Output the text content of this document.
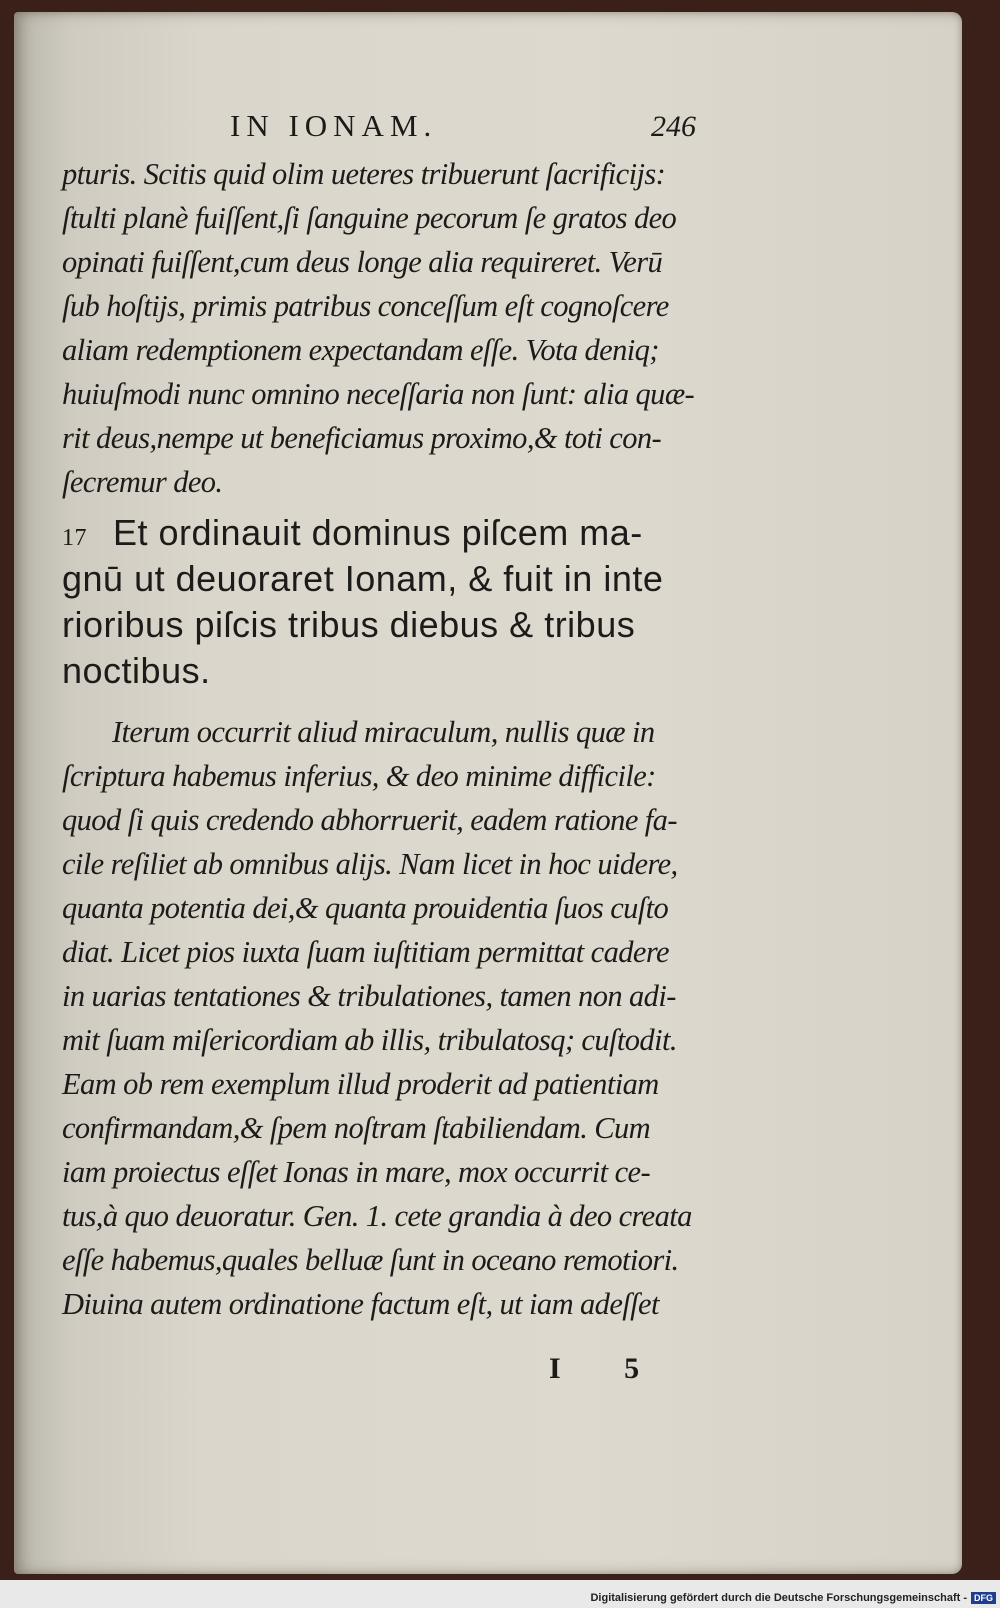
IN IONAM.	246
pturis. Scitis quid olim ueteres tribuerunt ſacrificijs:
ſtulti planè fuiſſent,ſi ſanguine pecorum ſe gratos deo
opinati fuiſſent,cum deus longe alia requireret. Verū
ſub hoſtijs, primis patribus conceſſum eſt cognoſcere
aliam redemptionem expectandam eſſe. Vota deniq;
huiuſmodi nunc omnino neceſſaria non ſunt: alia quæ-
rit deus,nempe ut beneficiamus proximo,& toti con-
ſecremur deo.
17 Et ordinauit dominus piſcem ma-
gnū ut deuoraret Ionam, & fuit in inte
rioribus piſcis tribus diebus & tribus
noctibus.
Iterum occurrit aliud miraculum, nullis quæ in
ſcriptura habemus inferius, & deo minime difficile:
quod ſi quis credendo abhorruerit, eadem ratione fa-
cile reſiliet ab omnibus alijs. Nam licet in hoc uidere,
quanta potentia dei,& quanta prouidentia ſuos cuſto
diat. Licet pios iuxta ſuam iuſtitiam permittat cadere
in uarias tentationes & tribulationes, tamen non adi-
mit ſuam miſericordiam ab illis, tribulatosq; cuſtodit.
Eam ob rem exemplum illud proderit ad patientiam
confirmandam,& ſpem noſtram ſtabiliendam. Cum
iam proiectus eſſet Ionas in mare, mox occurrit ce-
tus,à quo deuoratur. Gen. 1. cete grandia à deo creata
eſſe habemus,quales belluæ ſunt in oceano remotiori.
Diuina autem ordinatione factum eſt, ut iam adeſſet
I 5
Digitalisierung gefördert durch die Deutsche Forschungsgemeinschaft - DFG
